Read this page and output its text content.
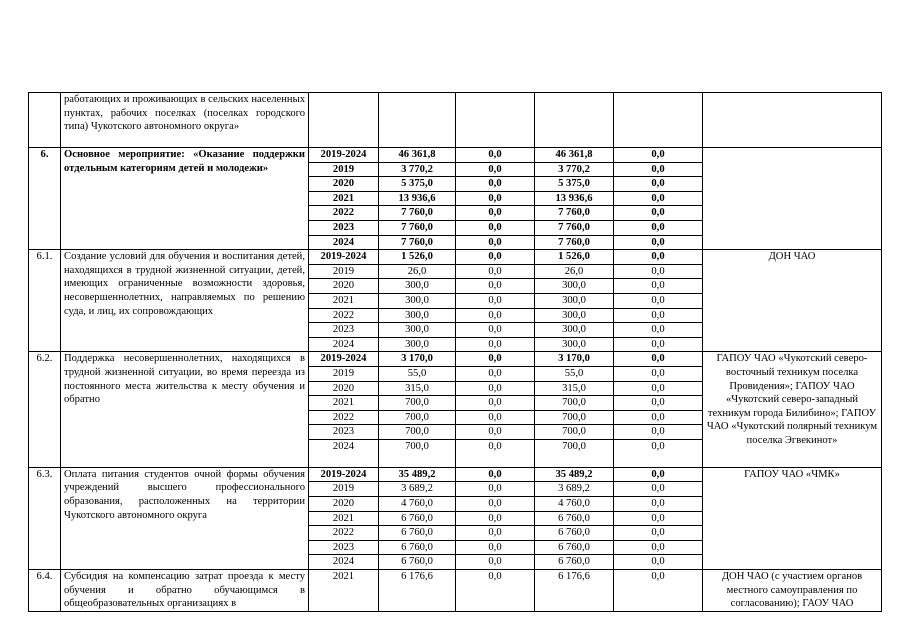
	работающих и проживающих в сельских населенных пунктах, рабочих поселках (поселках городского типа) Чукотского автономного округа»						
6.	Основное мероприятие: «Оказание поддержки отдельным категориям детей и молодежи»	2019-2024	46 361,8	0,0	46 361,8	0,0	
		2019	3 770,2	0,0	3 770,2	0,0	
		2020	5 375,0	0,0	5 375,0	0,0	
		2021	13 936,6	0,0	13 936,6	0,0	
		2022	7 760,0	0,0	7 760,0	0,0	
		2023	7 760,0	0,0	7 760,0	0,0	
		2024	7 760,0	0,0	7 760,0	0,0	
6.1.	Создание условий для обучения и воспитания детей, находящихся в трудной жизненной ситуации, детей, имеющих ограниченные возможности здоровья, несовершеннолетних, направляемых по решению суда, и лиц, их сопровождающих	2019-2024	1 526,0	0,0	1 526,0	0,0	ДОН ЧАО
		2019	26,0	0,0	26,0	0,0	
		2020	300,0	0,0	300,0	0,0	
		2021	300,0	0,0	300,0	0,0	
		2022	300,0	0,0	300,0	0,0	
		2023	300,0	0,0	300,0	0,0	
		2024	300,0	0,0	300,0	0,0	
6.2.	Поддержка несовершеннолетних, находящихся в трудной жизненной ситуации, во время переезда из постоянного места жительства к месту обучения и обратно	2019-2024	3 170,0	0,0	3 170,0	0,0	ГАПОУ ЧАО «Чукотский северо-восточный техникум поселка Провидения»; ГАПОУ ЧАО «Чукотский северо-западный техникум города Билибино»; ГАПОУ ЧАО «Чукотский полярный техникум поселка Эгвекинот»
		2019	55,0	0,0	55,0	0,0	
		2020	315,0	0,0	315,0	0,0	
		2021	700,0	0,0	700,0	0,0	
		2022	700,0	0,0	700,0	0,0	
		2023	700,0	0,0	700,0	0,0	
		2024	700,0	0,0	700,0	0,0	
6.3.	Оплата питания студентов очной формы обучения учреждений высшего профессионального образования, расположенных на территории Чукотского автономного округа	2019-2024	35 489,2	0,0	35 489,2	0,0	ГАПОУ ЧАО «ЧМК»
		2019	3 689,2	0,0	3 689,2	0,0	
		2020	4 760,0	0,0	4 760,0	0,0	
		2021	6 760,0	0,0	6 760,0	0,0	
		2022	6 760,0	0,0	6 760,0	0,0	
		2023	6 760,0	0,0	6 760,0	0,0	
		2024	6 760,0	0,0	6 760,0	0,0	
6.4.	Субсидия на компенсацию затрат проезда к месту обучения и обратно обучающимся в общеобразовательных организациях в	2021	6 176,6	0,0	6 176,6	0,0	ДОН ЧАО (с участием органов местного самоуправления по согласованию); ГАОУ ЧАО
